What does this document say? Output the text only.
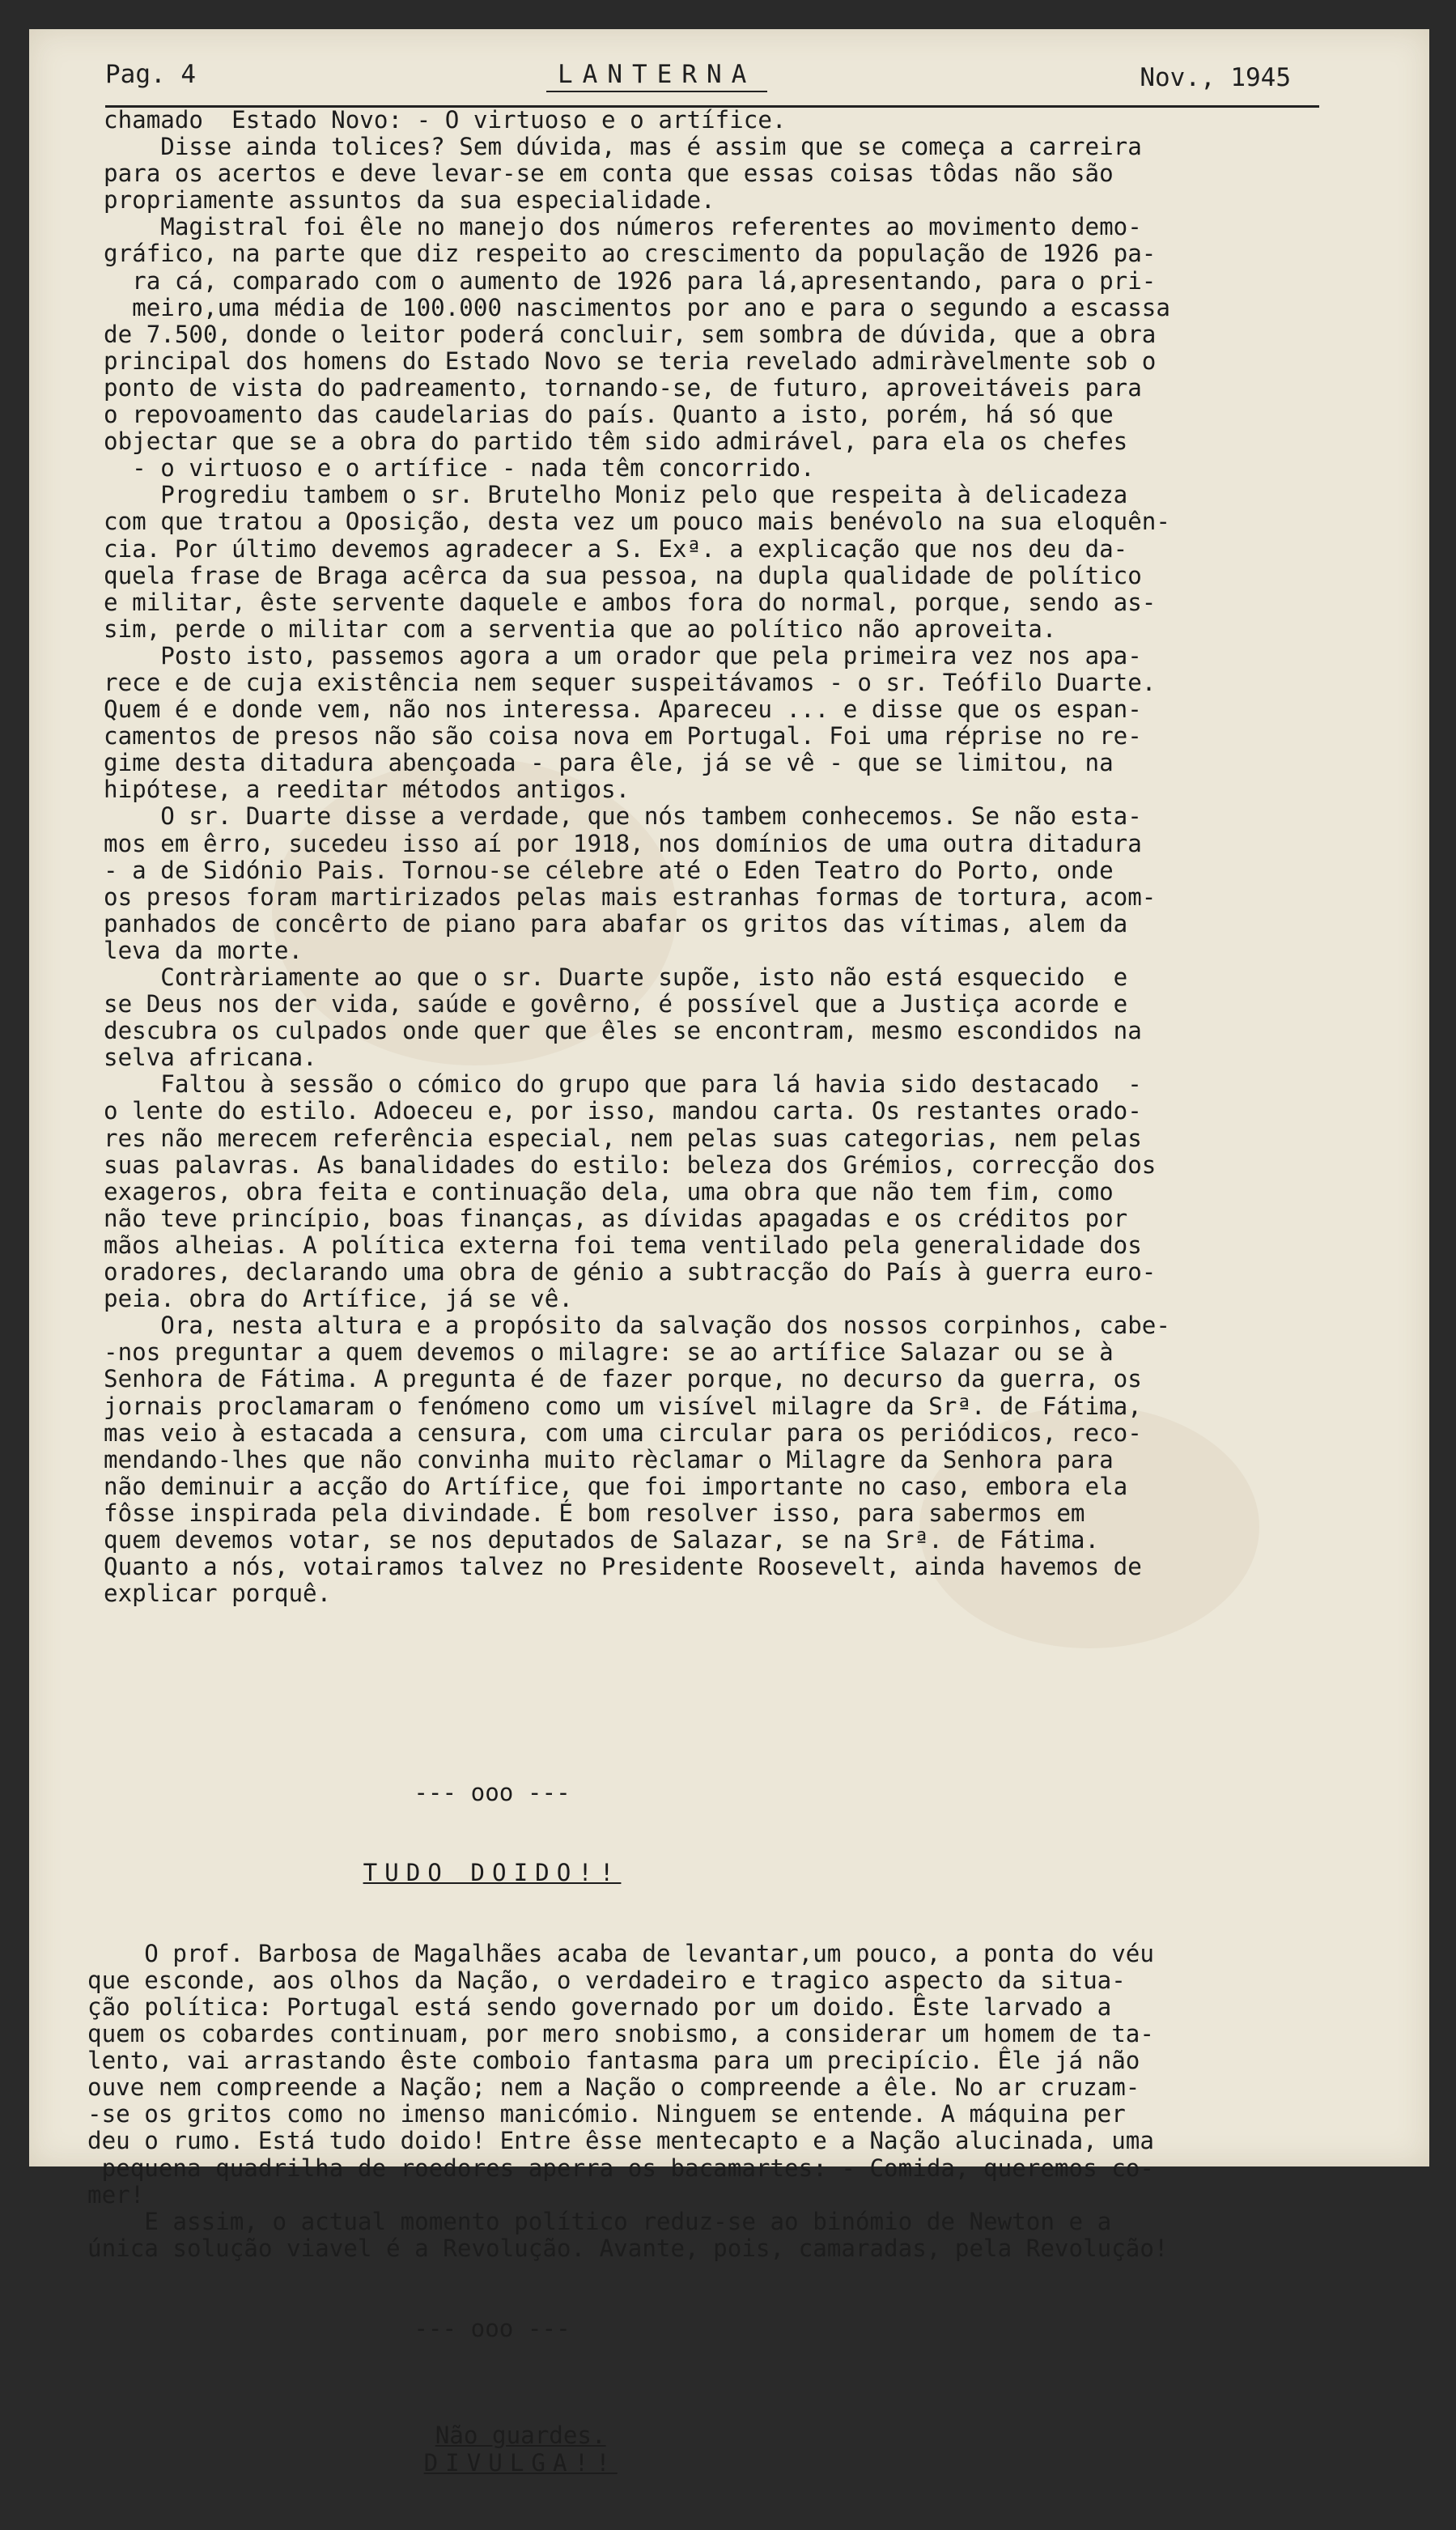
Pag. 4	LANTERNA	Nov., 1945
chamado  Estado Novo: - O virtuoso e o artífice.
Disse ainda tolices? Sem dúvida, mas é assim que se começa a carreira
para os acertos e deve levar-se em conta que essas coisas tôdas não são
propriamente assuntos da sua especialidade.
Magistral foi êle no manejo dos números referentes ao movimento demo-
gráfico, na parte que diz respeito ao crescimento da população de 1926 pa-
ra cá, comparado com o aumento de 1926 para lá,apresentando, para o pri-
meiro,uma média de 100.000 nascimentos por ano e para o segundo a escassa
de 7.500, donde o leitor poderá concluir, sem sombra de dúvida, que a obra
principal dos homens do Estado Novo se teria revelado admiràvelmente sob o
ponto de vista do padreamento, tornando-se, de futuro, aproveitáveis para
o repovoamento das caudelarias do país. Quanto a isto, porém, há só que
objectar que se a obra do partido têm sido admirável, para ela os chefes
- o virtuoso e o artífice - nada têm concorrido.
Progrediu tambem o sr. Brutelho Moniz pelo que respeita à delicadeza
com que tratou a Oposição, desta vez um pouco mais benévolo na sua eloquên-
cia. Por último devemos agradecer a S. Exª. a explicação que nos deu da-
quela frase de Braga acêrca da sua pessoa, na dupla qualidade de político
e militar, êste servente daquele e ambos fora do normal, porque, sendo as-
sim, perde o militar com a serventia que ao político não aproveita.
Posto isto, passemos agora a um orador que pela primeira vez nos apa-
rece e de cuja existência nem sequer suspeitávamos - o sr. Teófilo Duarte.
Quem é e donde vem, não nos interessa. Apareceu ... e disse que os espan-
camentos de presos não são coisa nova em Portugal. Foi uma réprise no re-
gime desta ditadura abençoada - para êle, já se vê - que se limitou, na
hipótese, a reeditar métodos antigos.
O sr. Duarte disse a verdade, que nós tambem conhecemos. Se não esta-
mos em êrro, sucedeu isso aí por 1918, nos domínios de uma outra ditadura
- a de Sidónio Pais. Tornou-se célebre até o Eden Teatro do Porto, onde
os presos foram martirizados pelas mais estranhas formas de tortura, acom-
panhados de concêrto de piano para abafar os gritos das vítimas, alem da
leva da morte.
Contràriamente ao que o sr. Duarte supõe, isto não está esquecido  e
se Deus nos der vida, saúde e govêrno, é possível que a Justiça acorde e
descubra os culpados onde quer que êles se encontram, mesmo escondidos na
selva africana.
Faltou à sessão o cómico do grupo que para lá havia sido destacado  -
o lente do estilo. Adoeceu e, por isso, mandou carta. Os restantes orado-
res não merecem referência especial, nem pelas suas categorias, nem pelas
suas palavras. As banalidades do estilo: beleza dos Grémios, correcção dos
exageros, obra feita e continuação dela, uma obra que não tem fim, como
não teve princípio, boas finanças, as dívidas apagadas e os créditos por
mãos alheias. A política externa foi tema ventilado pela generalidade dos
oradores, declarando uma obra de génio a subtracção do País à guerra euro-
peia. obra do Artífice, já se vê.
Ora, nesta altura e a propósito da salvação dos nossos corpinhos, cabe-
-nos preguntar a quem devemos o milagre: se ao artífice Salazar ou se à
Senhora de Fátima. A pregunta é de fazer porque, no decurso da guerra, os
jornais proclamaram o fenómeno como um visível milagre da Srª. de Fátima,
mas veio à estacada a censura, com uma circular para os periódicos, reco-
mendando-lhes que não convinha muito rèclamar o Milagre da Senhora para
não deminuir a acção do Artífice, que foi importante no caso, embora ela
fôsse inspirada pela divindade. É bom resolver isso, para sabermos em
quem devemos votar, se nos deputados de Salazar, se na Srª. de Fátima.
Quanto a nós, votairamos talvez no Presidente Roosevelt, ainda havemos de
explicar porquê.

--- ooo ---

TUDO DOIDO!!

O prof. Barbosa de Magalhães acaba de levantar,um pouco, a ponta do véu
que esconde, aos olhos da Nação, o verdadeiro e tragico aspecto da situa-
ção política: Portugal está sendo governado por um doido. Êste larvado a
quem os cobardes continuam, por mero snobismo, a considerar um homem de ta-
lento, vai arrastando êste comboio fantasma para um precipício. Êle já não
ouve nem compreende a Nação; nem a Nação o compreende a êle. No ar cruzam-
-se os gritos como no imenso manicómio. Ninguem se entende. A máquina per
deu o rumo. Está tudo doido! Entre êsse mentecapto e a Nação alucinada, uma
pequena quadrilha de roedores aperra os bacamartes: - Comida, queremos co-
mer!
E assim, o actual momento político reduz-se ao binómio de Newton e a
única solução viavel é a Revolução. Avante, pois, camaradas, pela Revolução!

--- ooo ---

Não guardes.
DIVULGA!!
